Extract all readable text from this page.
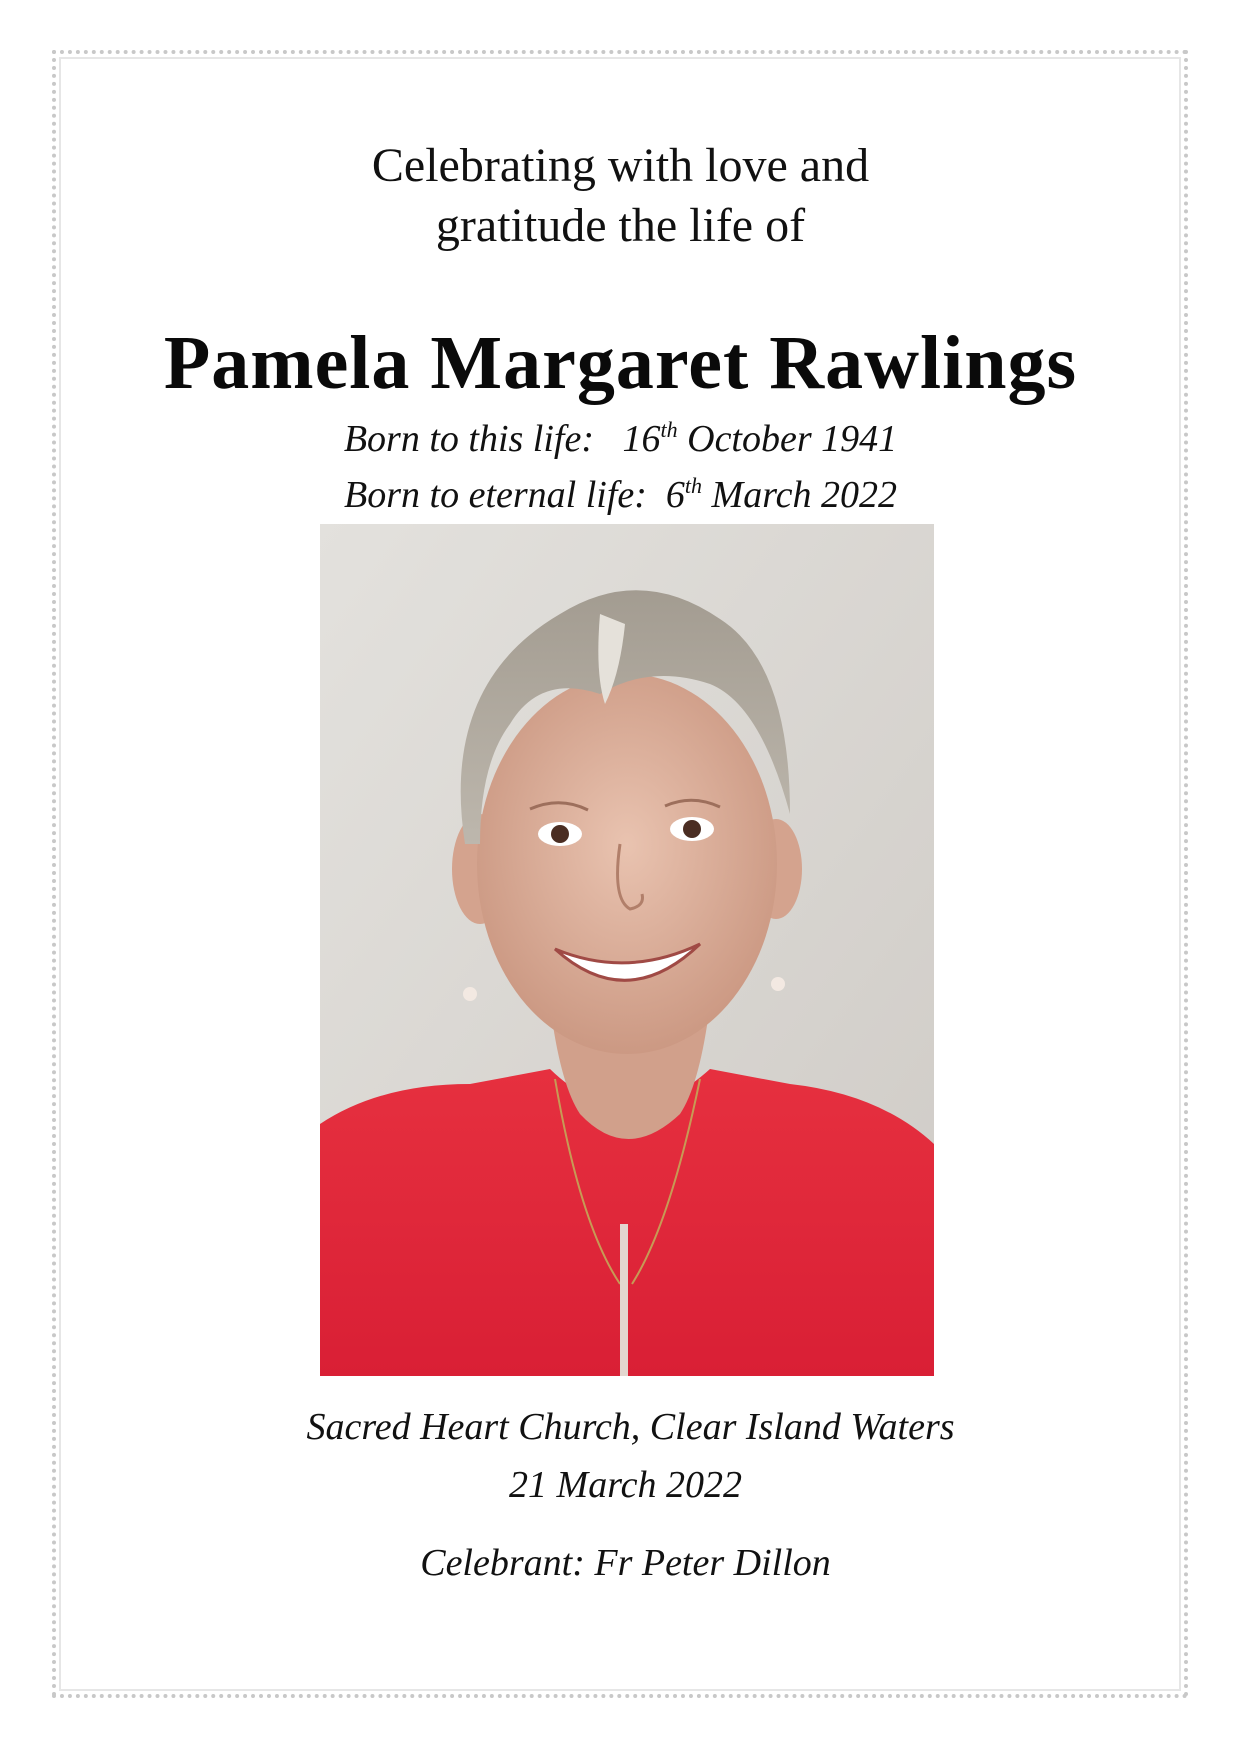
Celebrating with love and
gratitude the life of
Pamela Margaret Rawlings
Born to this life: 16th October 1941
Born to eternal life: 6th March 2022
Sacred Heart Church, Clear Island Waters
21 March 2022
Celebrant: Fr Peter Dillon
